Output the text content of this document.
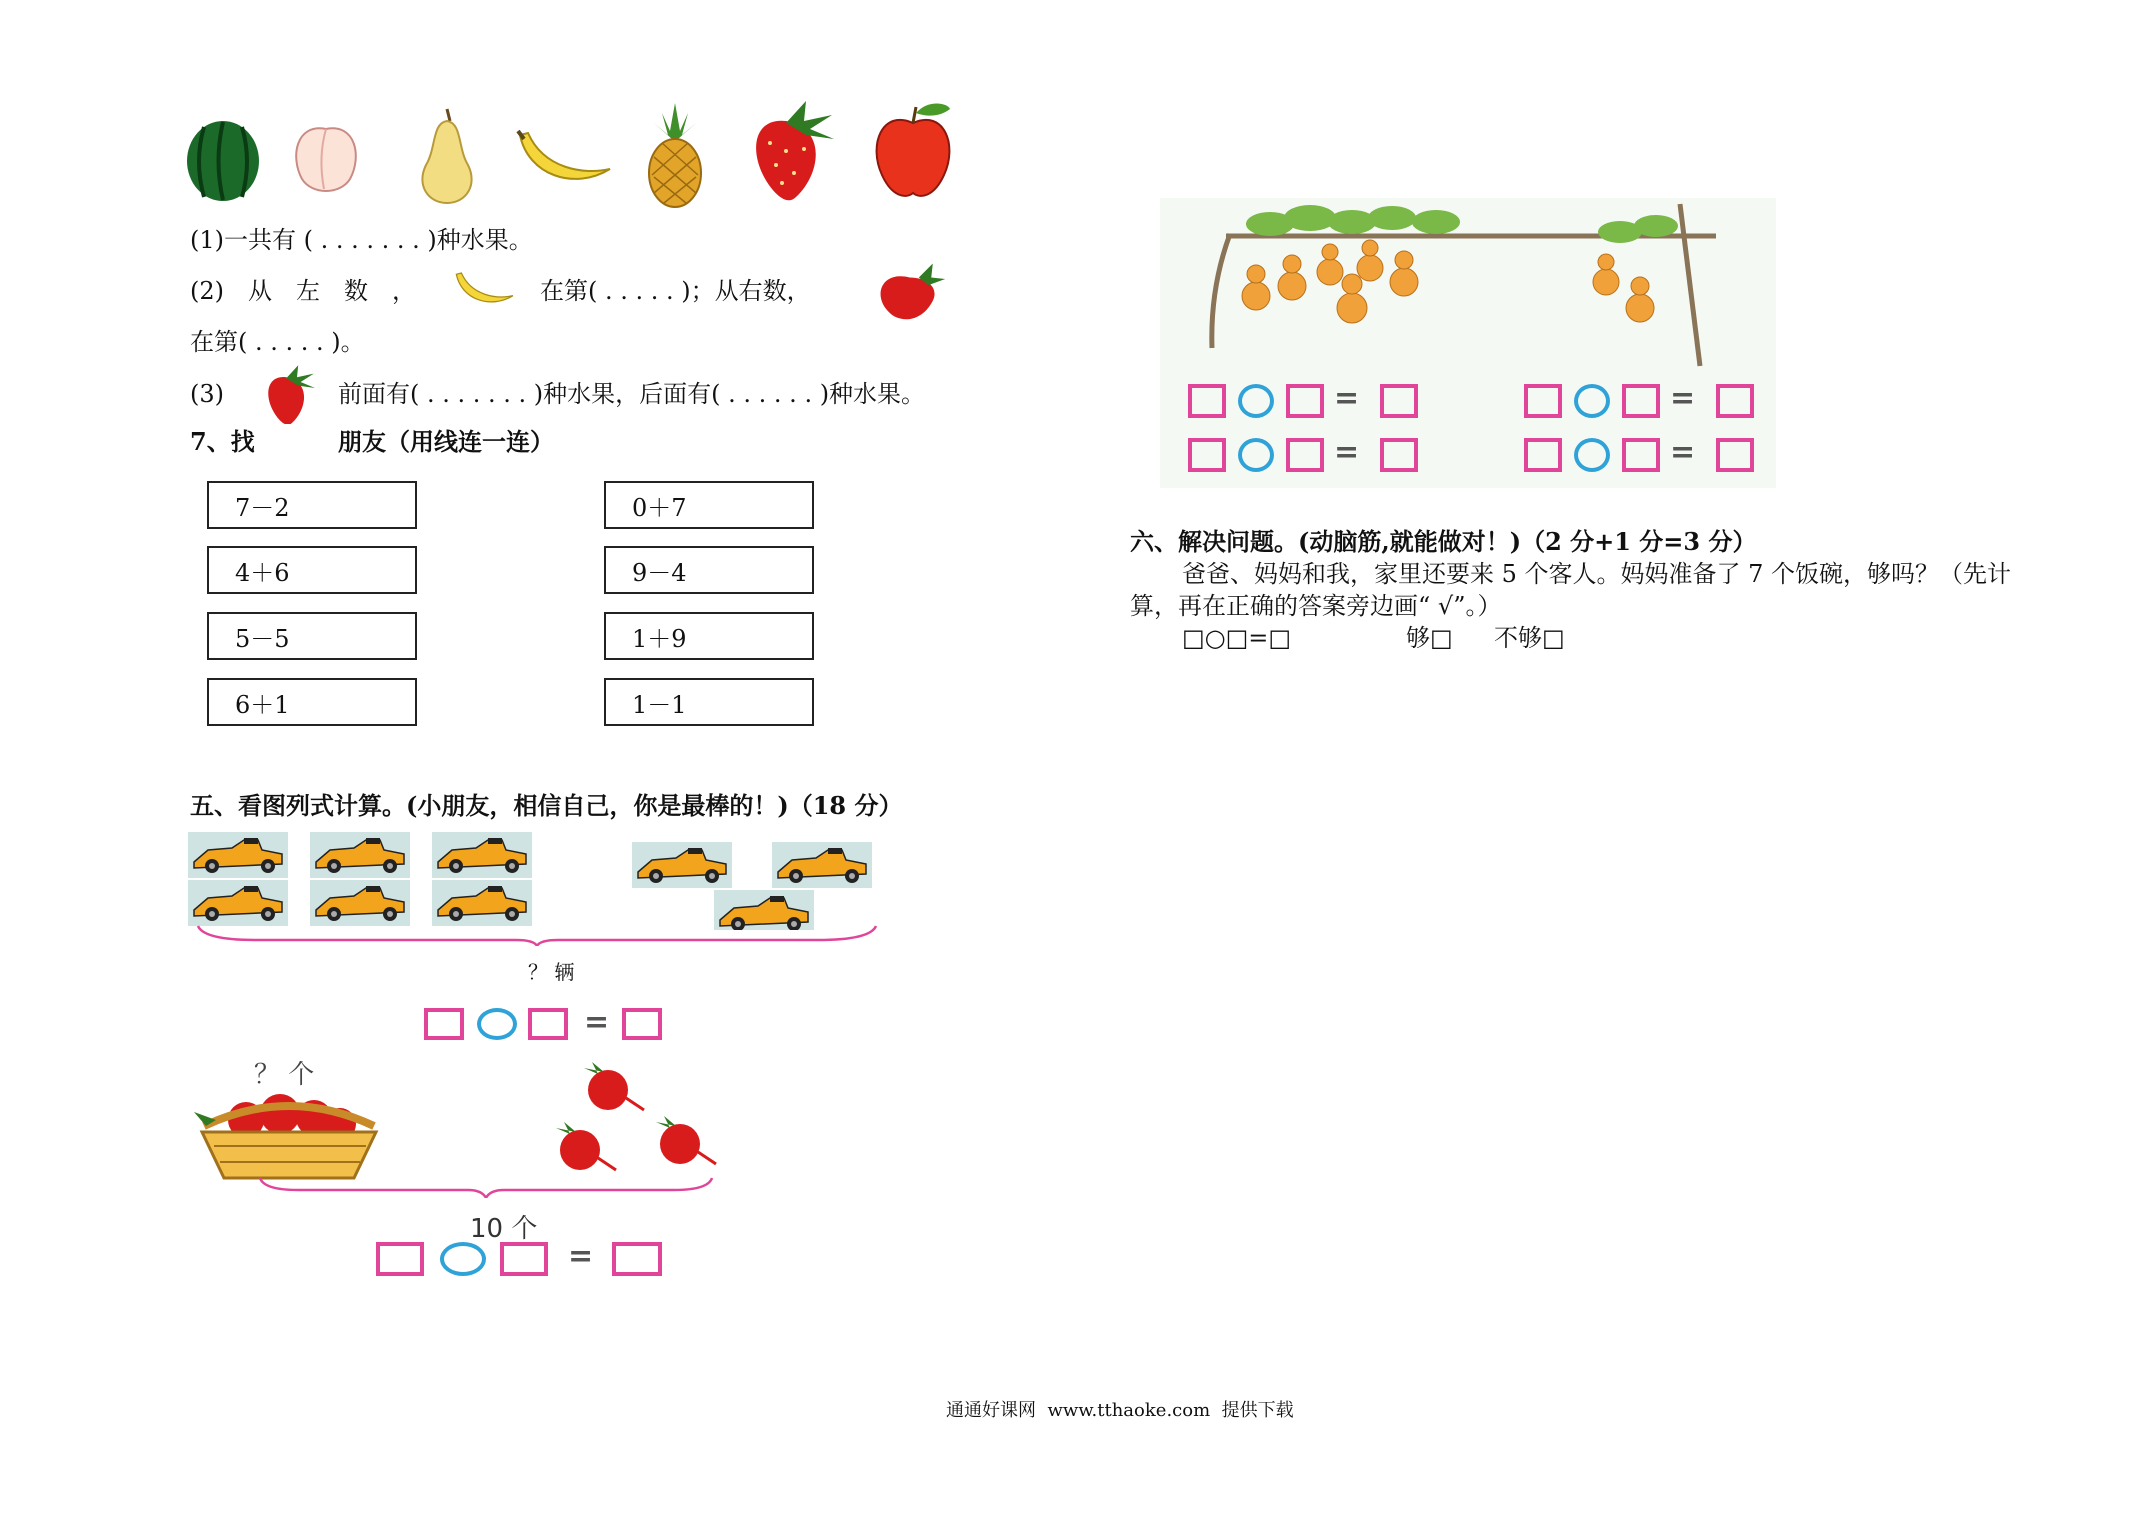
(1)一共有 ( . . . . . . . )种水果。
(2)　从　左　数　，	在第( . . . . . )；从右数，
在第( . . . . . )。
(3)	前面有( . . . . . . . )种水果，后面有( . . . . . . )种水果。
7、找	朋友（用线连一连）
7－2
4＋6
5－5
6＋1
0＋7
9－4
1＋9
1－1
五、看图列式计算。(小朋友，相信自己，你是最棒的！)（18 分）
？ 辆
=
？ 个
10 个
=
=	=
=	=
六、解决问题。(动脑筋,就能做对！)（2 分+1 分=3 分）
爸爸、妈妈和我，家里还要来 5 个客人。妈妈准备了 7 个饭碗，够吗？（先计
算，再在正确的答案旁边画“ √”。）
□○□=□	够□ 不够□
通通好课网  www.tthaoke.com  提供下载
